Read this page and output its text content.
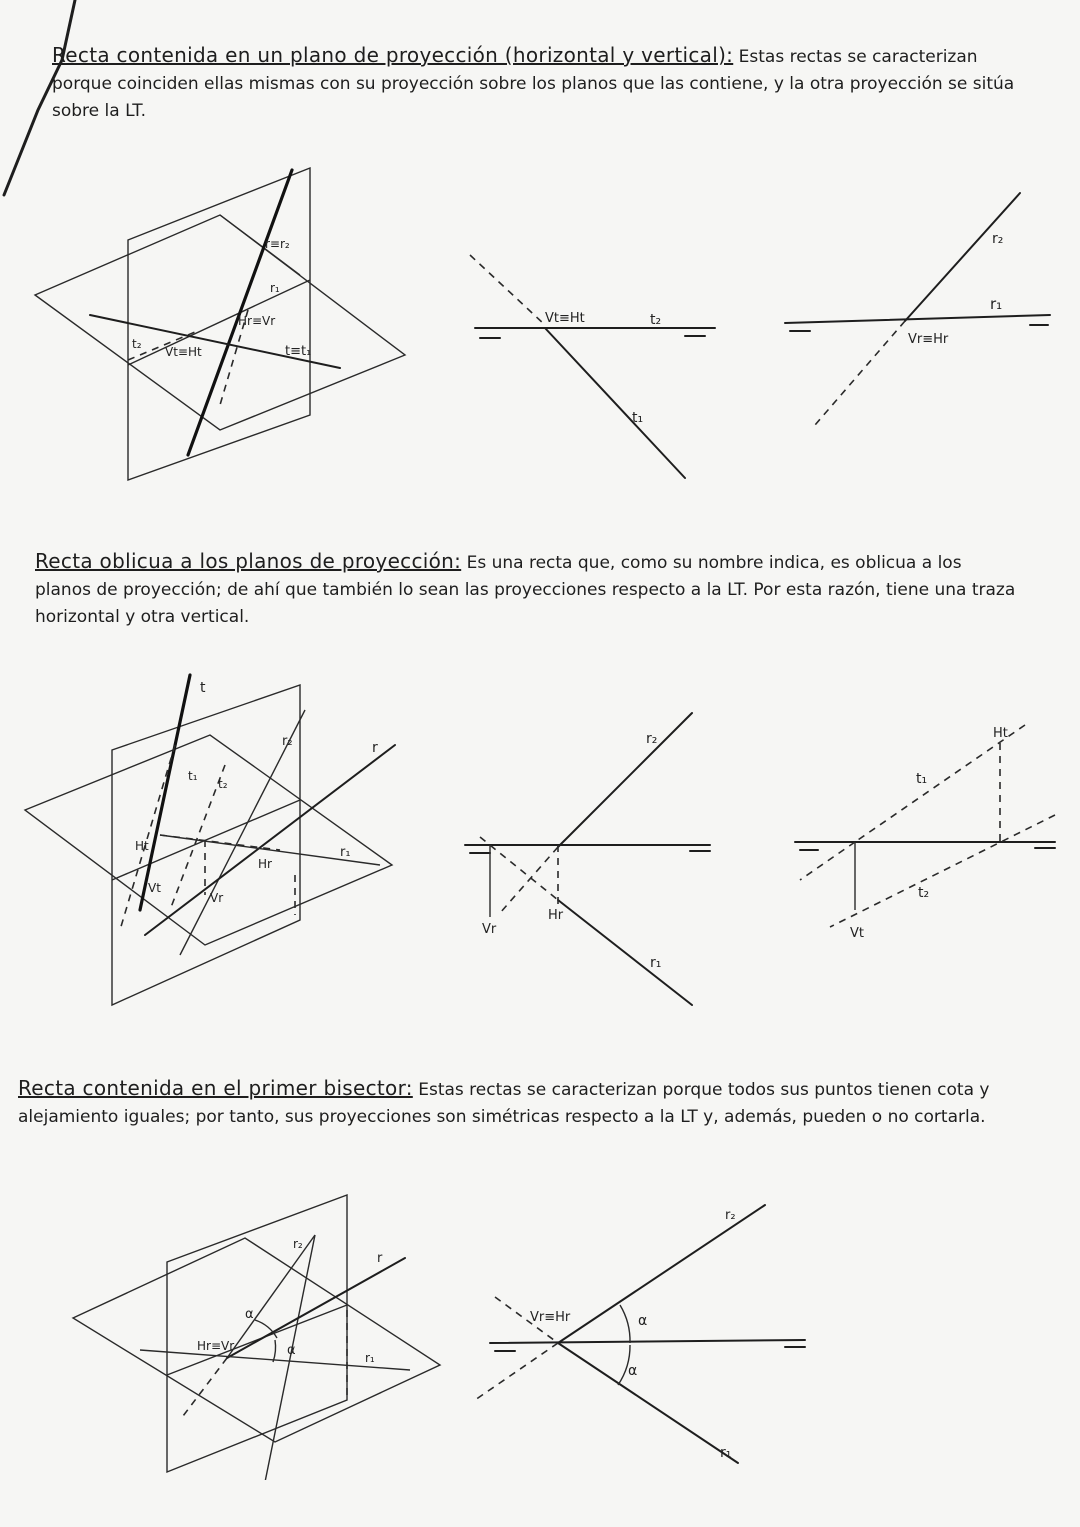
Recta contenida en un plano de proyección (horizontal y vertical): Estas rectas se caracterizan porque coinciden ellas mismas con su proyección sobre los planos que las contiene, y la otra proyección se sitúa sobre la LT.

r≡r₂
r₁
Hr≡Vr
t₂
Vt≡Ht	t≡t₁
Vt≡Ht	t₂
t₁
r₂
r₁
Vr≡Hr

Recta oblicua a los planos de proyección: Es una recta que, como su nombre indica, es oblicua a los planos de proyección; de ahí que también lo sean las proyecciones respecto a la LT. Por esta razón, tiene una traza horizontal y otra vertical.

t
t₁
t₂
r₂	r
r₁
Ht
Hr
Vt
Vr
r₂
r₁
Vr
Hr
Ht
t₁
t₂
Vt

Recta contenida en el primer bisector: Estas rectas se caracterizan porque todos sus puntos tienen cota y alejamiento iguales; por tanto, sus proyecciones son simétricas respecto a la LT y, además, pueden o no cortarla.

r₂
r
α
α
Hr≡Vr
r₁
r₂
Vr≡Hr	α
α
r₁
